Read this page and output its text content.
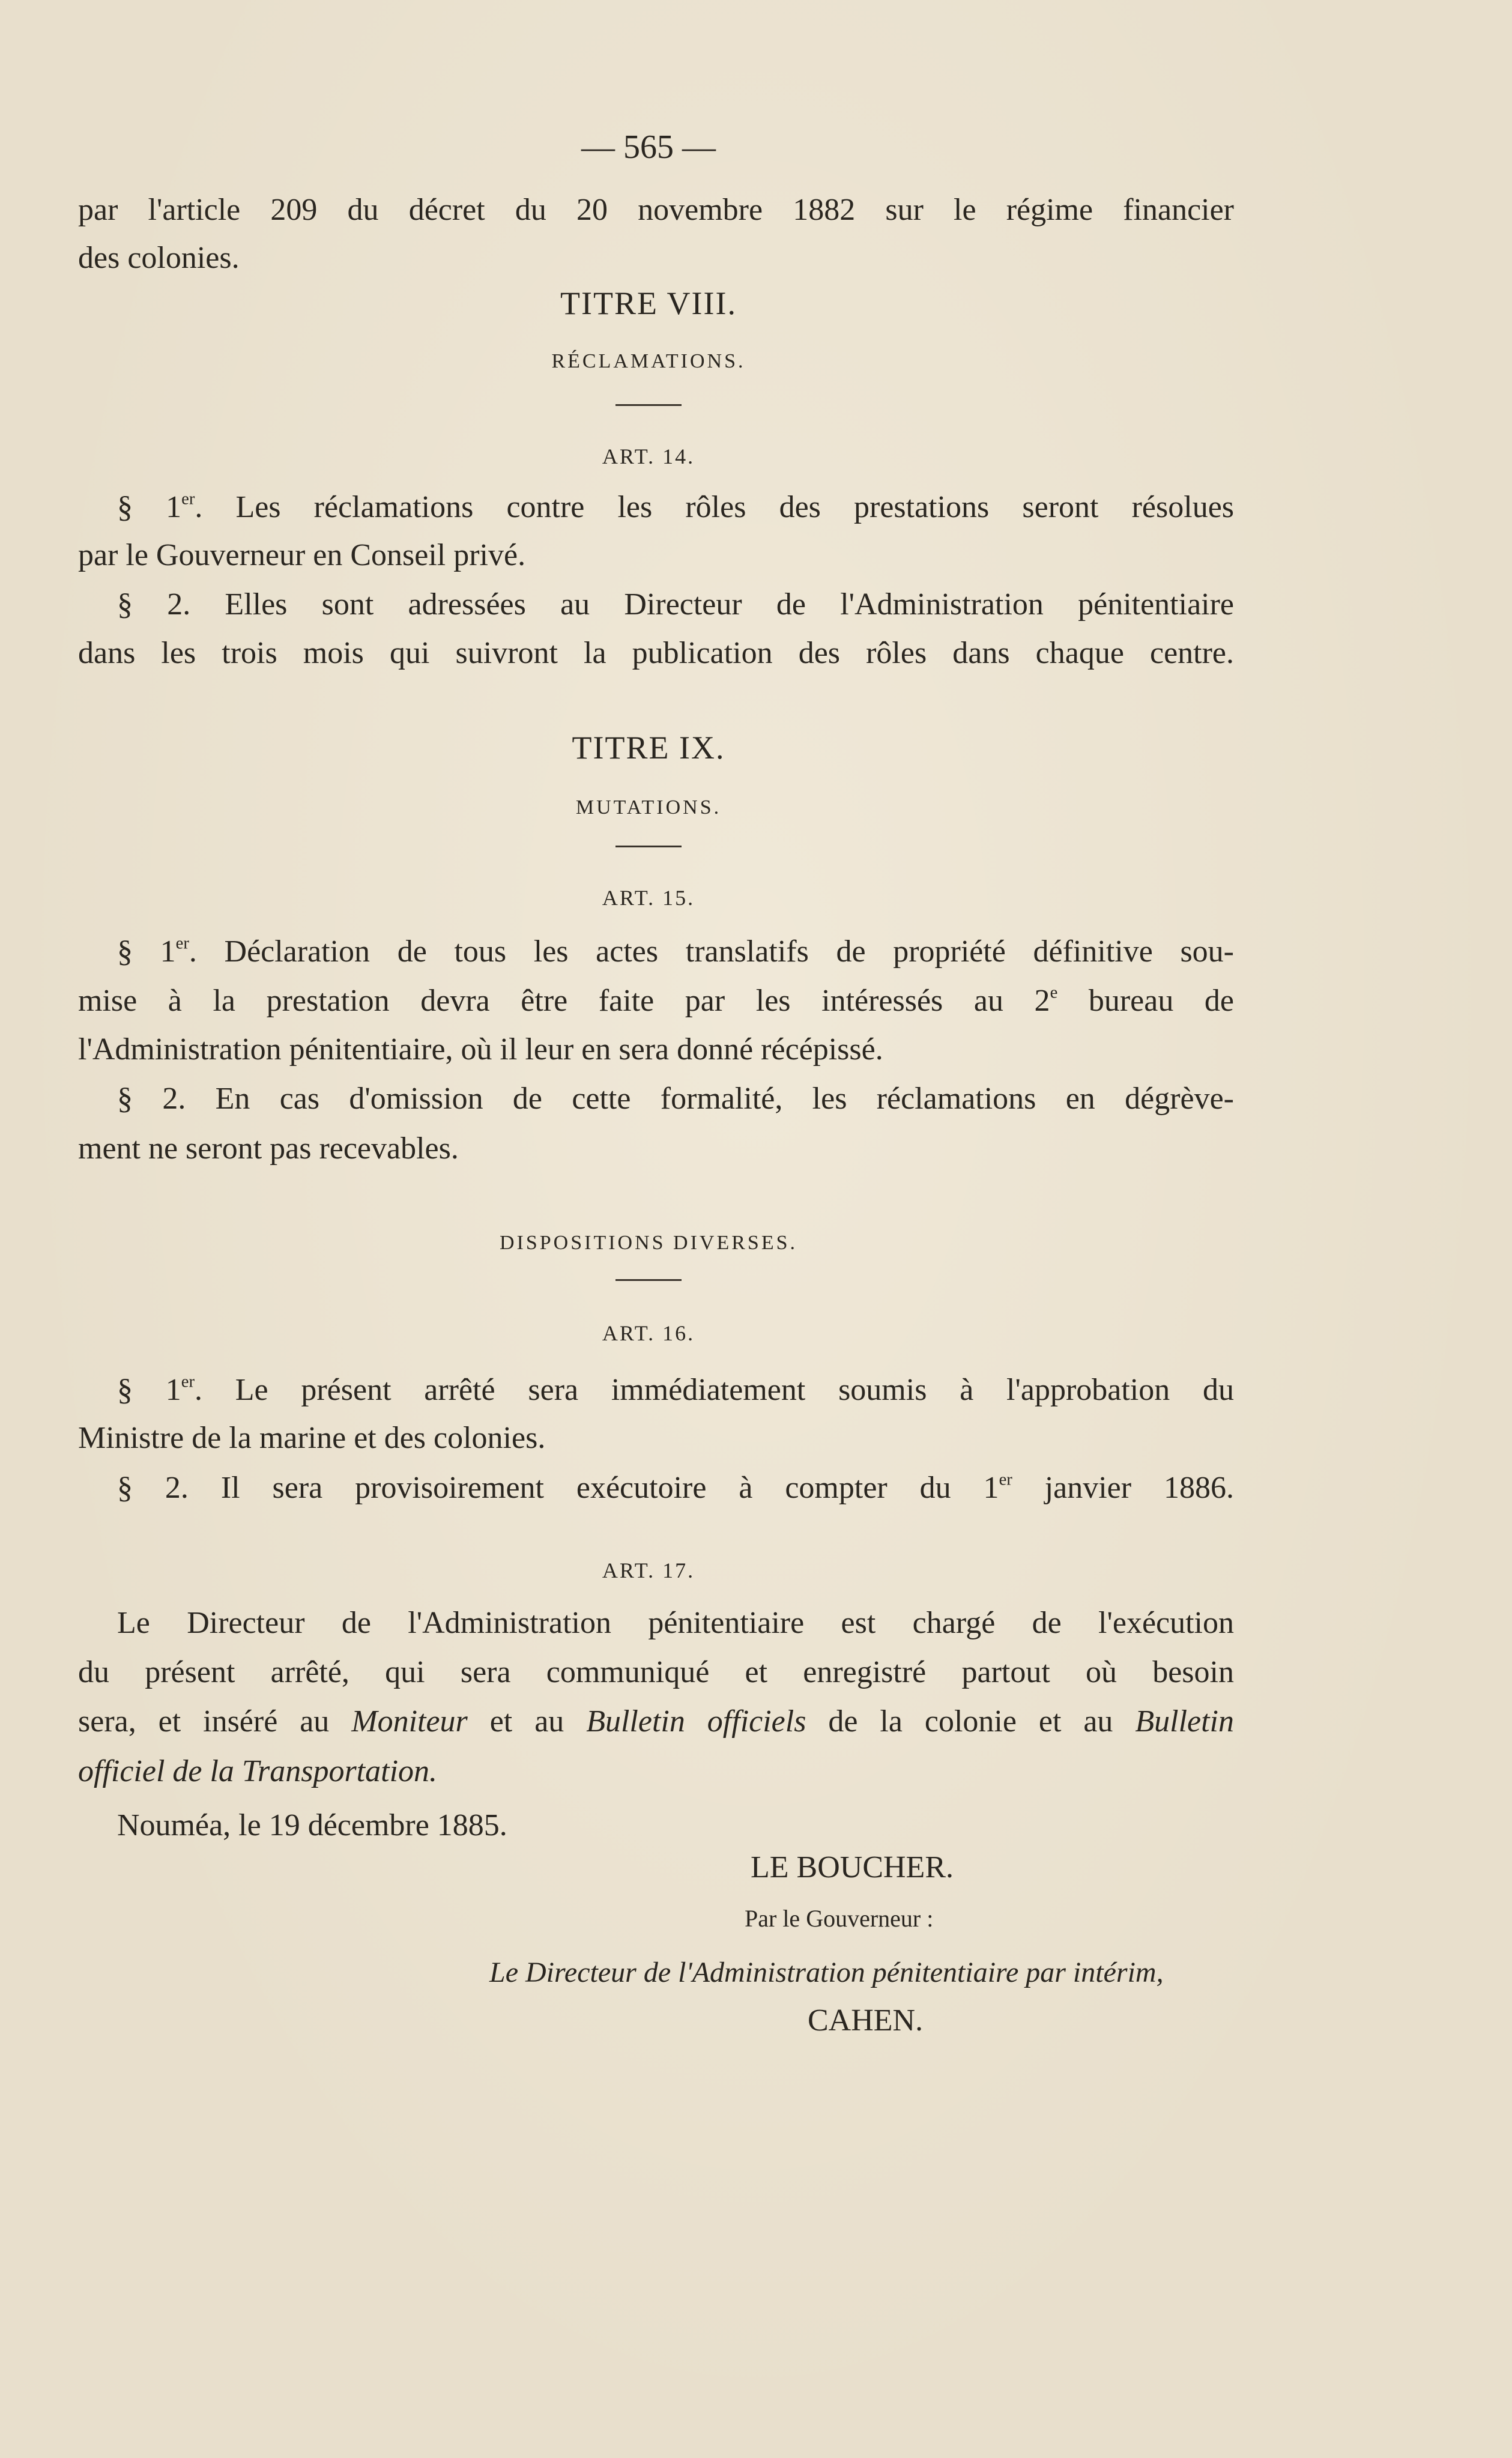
— 565 —
par l'article 209 du décret du 20 novembre 1882 sur le régime financier
des colonies.
TITRE VIII.
RÉCLAMATIONS.
ART. 14.
§ 1er. Les réclamations contre les rôles des prestations seront résolues
par le Gouverneur en Conseil privé.
§ 2. Elles sont adressées au Directeur de l'Administration pénitentiaire
dans les trois mois qui suivront la publication des rôles dans chaque centre.
TITRE IX.
MUTATIONS.
ART. 15.
§ 1er. Déclaration de tous les actes translatifs de propriété définitive sou-
mise à la prestation devra être faite par les intéressés au 2e bureau de
l'Administration pénitentiaire, où il leur en sera donné récépissé.
§ 2. En cas d'omission de cette formalité, les réclamations en dégrève-
ment ne seront pas recevables.
DISPOSITIONS DIVERSES.
ART. 16.
§ 1er. Le présent arrêté sera immédiatement soumis à l'approbation du
Ministre de la marine et des colonies.
§ 2. Il sera provisoirement exécutoire à compter du 1er janvier 1886.
ART. 17.
Le Directeur de l'Administration pénitentiaire est chargé de l'exécution
du présent arrêté, qui sera communiqué et enregistré partout où besoin
sera, et inséré au Moniteur et au Bulletin officiels de la colonie et au Bulletin
officiel de la Transportation.
Nouméa, le 19 décembre 1885.
LE BOUCHER.
Par le Gouverneur :
Le Directeur de l'Administration pénitentiaire par intérim,
CAHEN.
